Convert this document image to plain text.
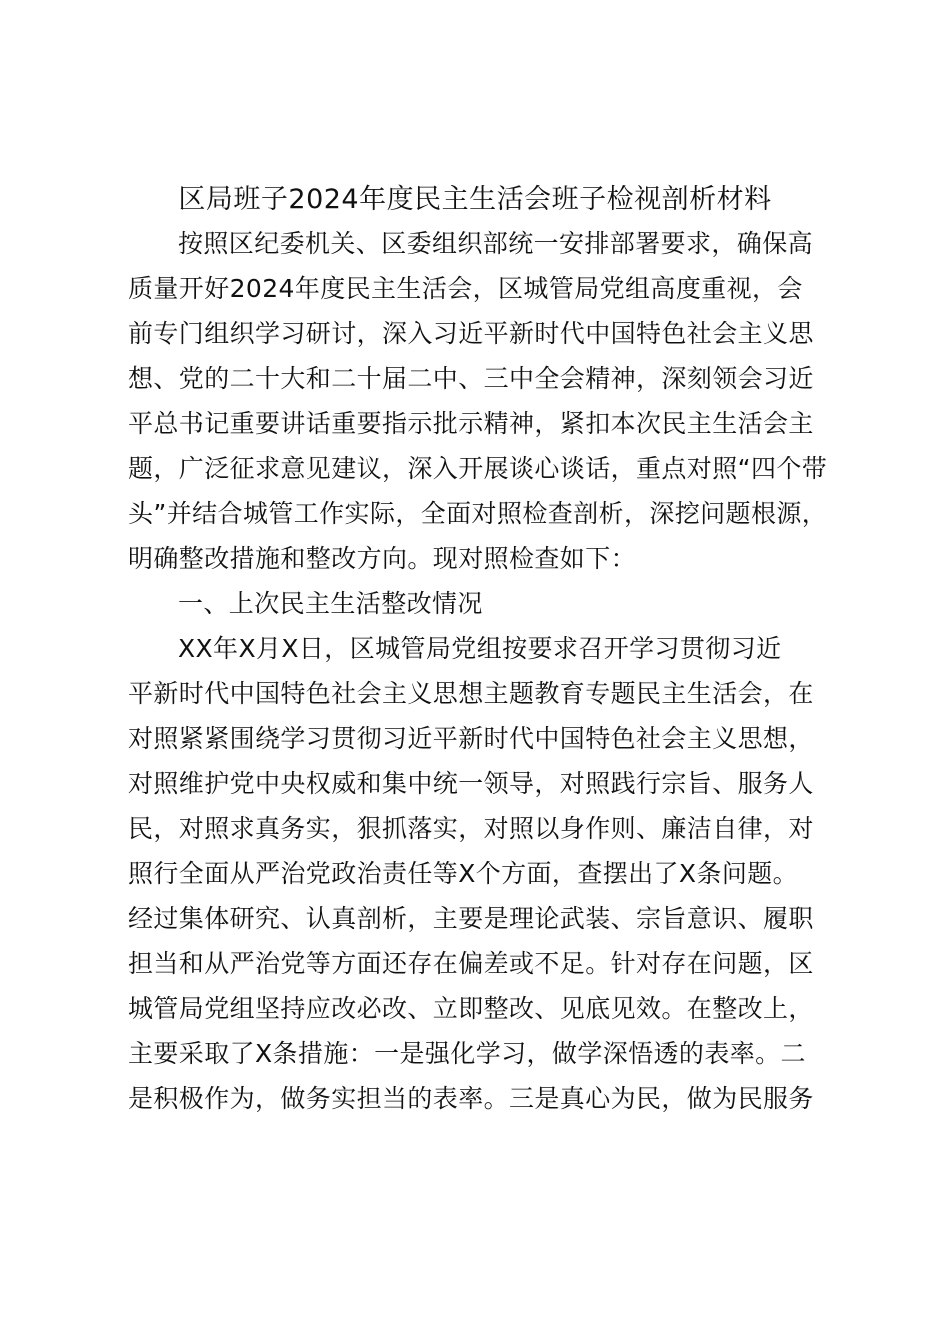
区局班子2024年度民主生活会班子检视剖析材料
按照区纪委机关、区委组织部统一安排部署要求，确保高
质量开好2024年度民主生活会，区城管局党组高度重视，会
前专门组织学习研讨，深入习近平新时代中国特色社会主义思
想、党的二十大和二十届二中、三中全会精神，深刻领会习近
平总书记重要讲话重要指示批示精神，紧扣本次民主生活会主
题，广泛征求意见建议，深入开展谈心谈话，重点对照“四个带
头”并结合城管工作实际，全面对照检查剖析，深挖问题根源，
明确整改措施和整改方向。现对照检查如下：
一、上次民主生活整改情况
XX年X月X日，区城管局党组按要求召开学习贯彻习近
平新时代中国特色社会主义思想主题教育专题民主生活会，在
对照紧紧围绕学习贯彻习近平新时代中国特色社会主义思想，
对照维护党中央权威和集中统一领导，对照践行宗旨、服务人
民，对照求真务实，狠抓落实，对照以身作则、廉洁自律，对
照行全面从严治党政治责任等X个方面，查摆出了X条问题。
经过集体研究、认真剖析，主要是理论武装、宗旨意识、履职
担当和从严治党等方面还存在偏差或不足。针对存在问题，区
城管局党组坚持应改必改、立即整改、见底见效。在整改上，
主要采取了X条措施：一是强化学习，做学深悟透的表率。二
是积极作为，做务实担当的表率。三是真心为民，做为民服务
